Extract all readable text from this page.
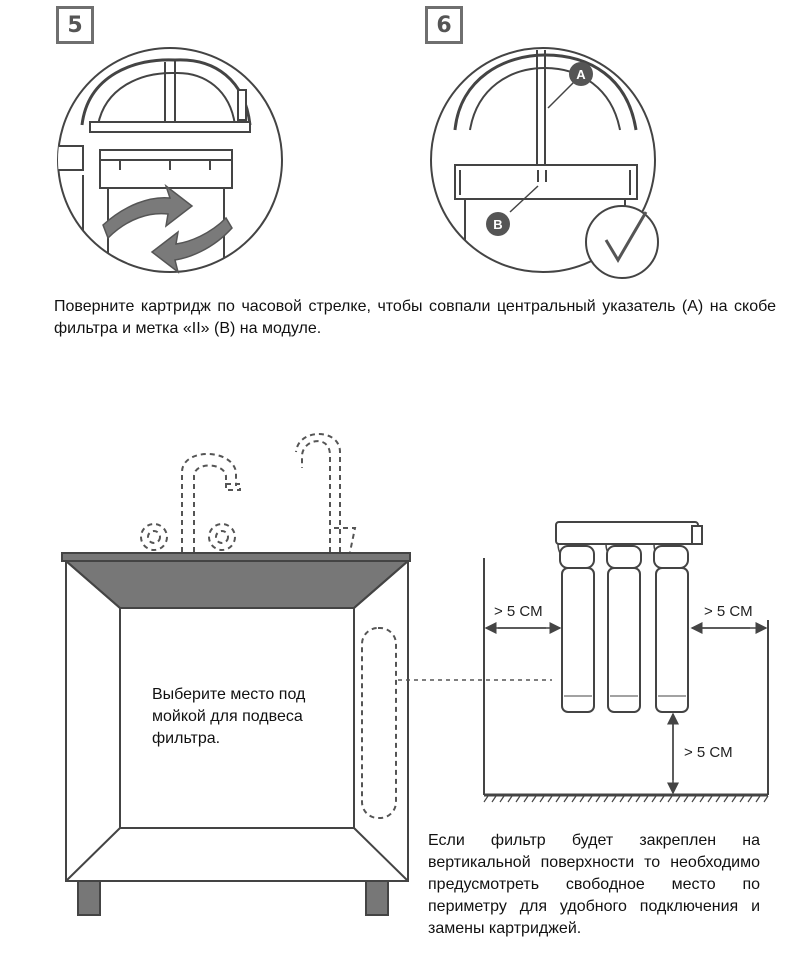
5	6
A
B
Поверните картридж по часовой стрелке, чтобы совпали центральный указатель (А) на скобе фильтра и метка «II» (В) на модуле.
Выберите место под мойкой для подвеса фильтра.
> 5 СМ	> 5 СМ
> 5 СМ
Если фильтр будет закреплен на вертикальной поверхности то необходимо предусмотреть свободное место по периметру для удобного подключения и замены картриджей.
